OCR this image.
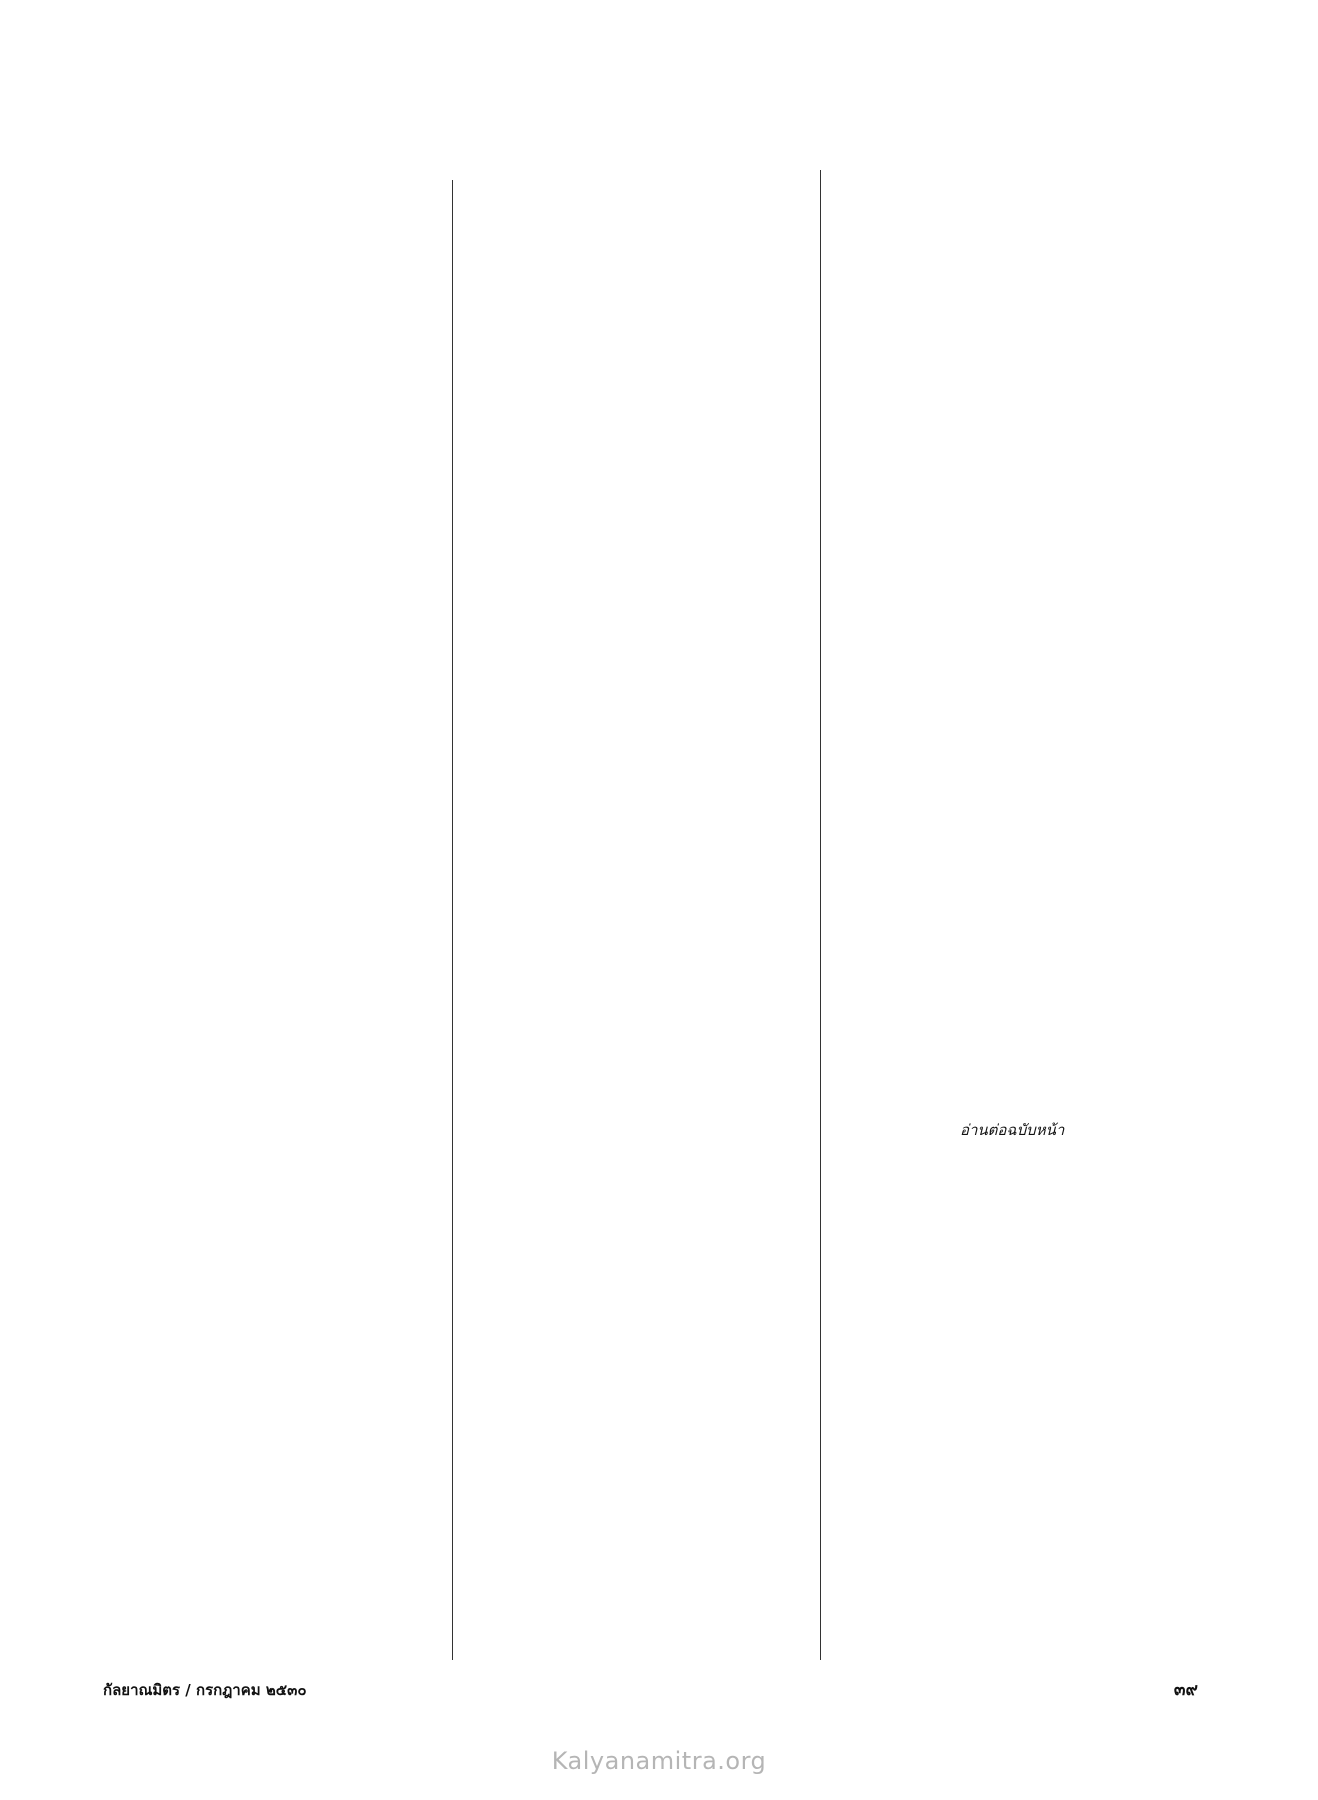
อ่านต่อฉบับหน้า
กัลยาณมิตร / กรกฎาคม ๒๕๓๐	๓๙
Kalyanamitra.org
